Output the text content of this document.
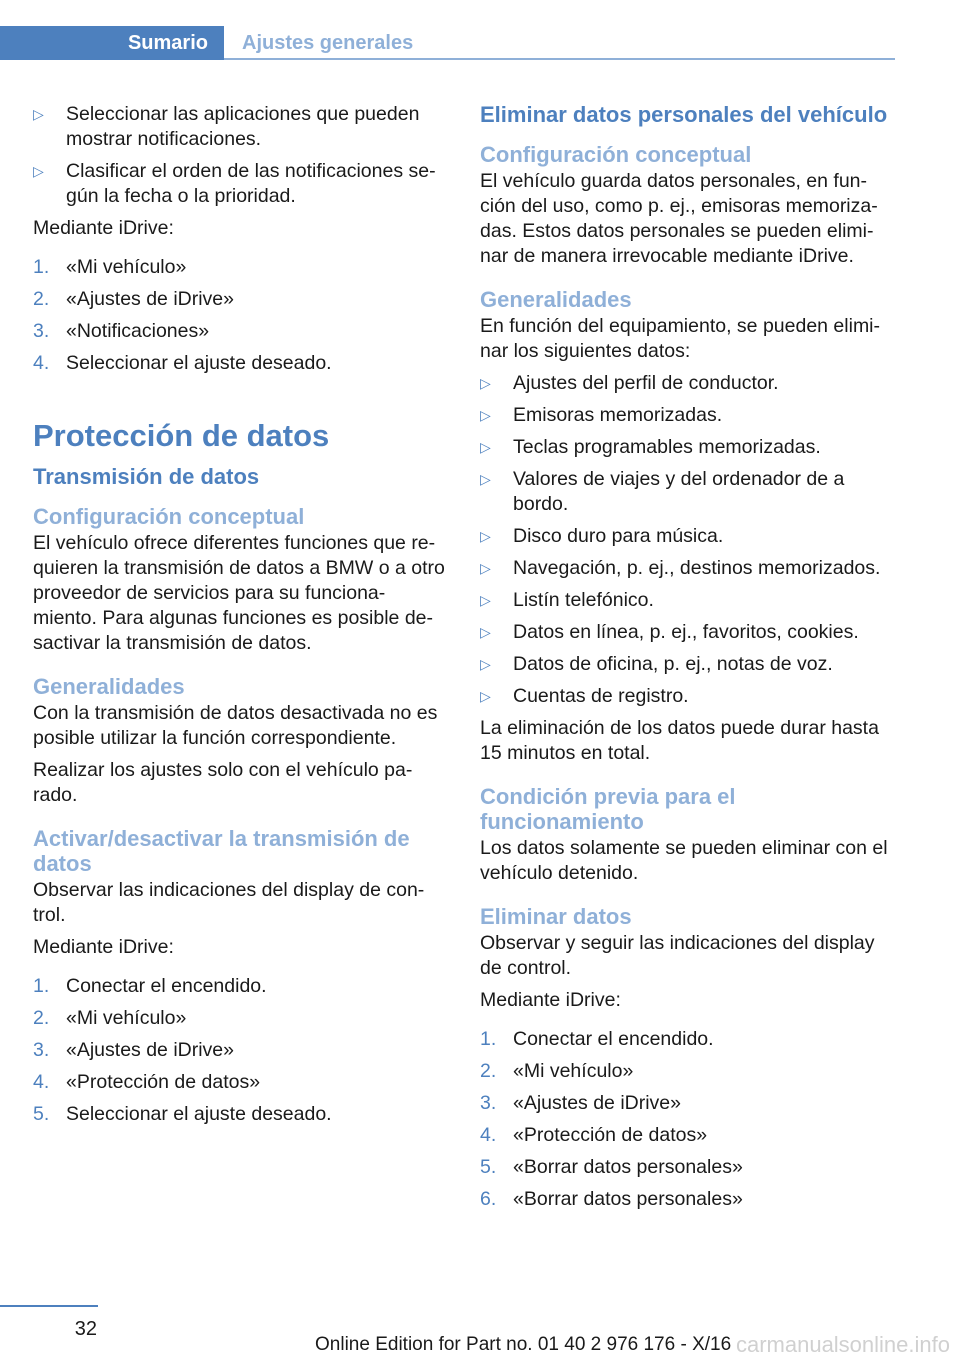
Sumario	Ajustes generales
▷ Seleccionar las aplicaciones que pueden mostrar notificaciones.
▷ Clasificar el orden de las notificaciones se-gún la fecha o la prioridad.

Mediante iDrive:

1. «Mi vehículo»
2. «Ajustes de iDrive»
3. «Notificaciones»
4. Seleccionar el ajuste deseado.
Protección de datos
Transmisión de datos
Configuración conceptual

El vehículo ofrece diferentes funciones que re-quieren la transmisión de datos a BMW o a otro proveedor de servicios para su funciona-miento. Para algunas funciones es posible de-sactivar la transmisión de datos.

Generalidades

Con la transmisión de datos desactivada no es posible utilizar la función correspondiente.

Realizar los ajustes solo con el vehículo pa-rado.

Activar/desactivar la transmisión de datos

Observar las indicaciones del display de con-trol.

Mediante iDrive:

1. Conectar el encendido.
2. «Mi vehículo»
3. «Ajustes de iDrive»
4. «Protección de datos»
5. Seleccionar el ajuste deseado.
Eliminar datos personales del vehículo
Configuración conceptual

El vehículo guarda datos personales, en fun-ción del uso, como p. ej., emisoras memoriza-das. Estos datos personales se pueden elimi-nar de manera irrevocable mediante iDrive.

Generalidades

En función del equipamiento, se pueden elimi-nar los siguientes datos:

▷ Ajustes del perfil de conductor.
▷ Emisoras memorizadas.
▷ Teclas programables memorizadas.
▷ Valores de viajes y del ordenador de a bordo.
▷ Disco duro para música.
▷ Navegación, p. ej., destinos memorizados.
▷ Listín telefónico.
▷ Datos en línea, p. ej., favoritos, cookies.
▷ Datos de oficina, p. ej., notas de voz.
▷ Cuentas de registro.

La eliminación de los datos puede durar hasta 15 minutos en total.

Condición previa para el funcionamiento

Los datos solamente se pueden eliminar con el vehículo detenido.

Eliminar datos

Observar y seguir las indicaciones del display de control.

Mediante iDrive:

1. Conectar el encendido.
2. «Mi vehículo»
3. «Ajustes de iDrive»
4. «Protección de datos»
5. «Borrar datos personales»
6. «Borrar datos personales»
32
Online Edition for Part no. 01 40 2 976 176 - X/16 carmanualsonline.info
